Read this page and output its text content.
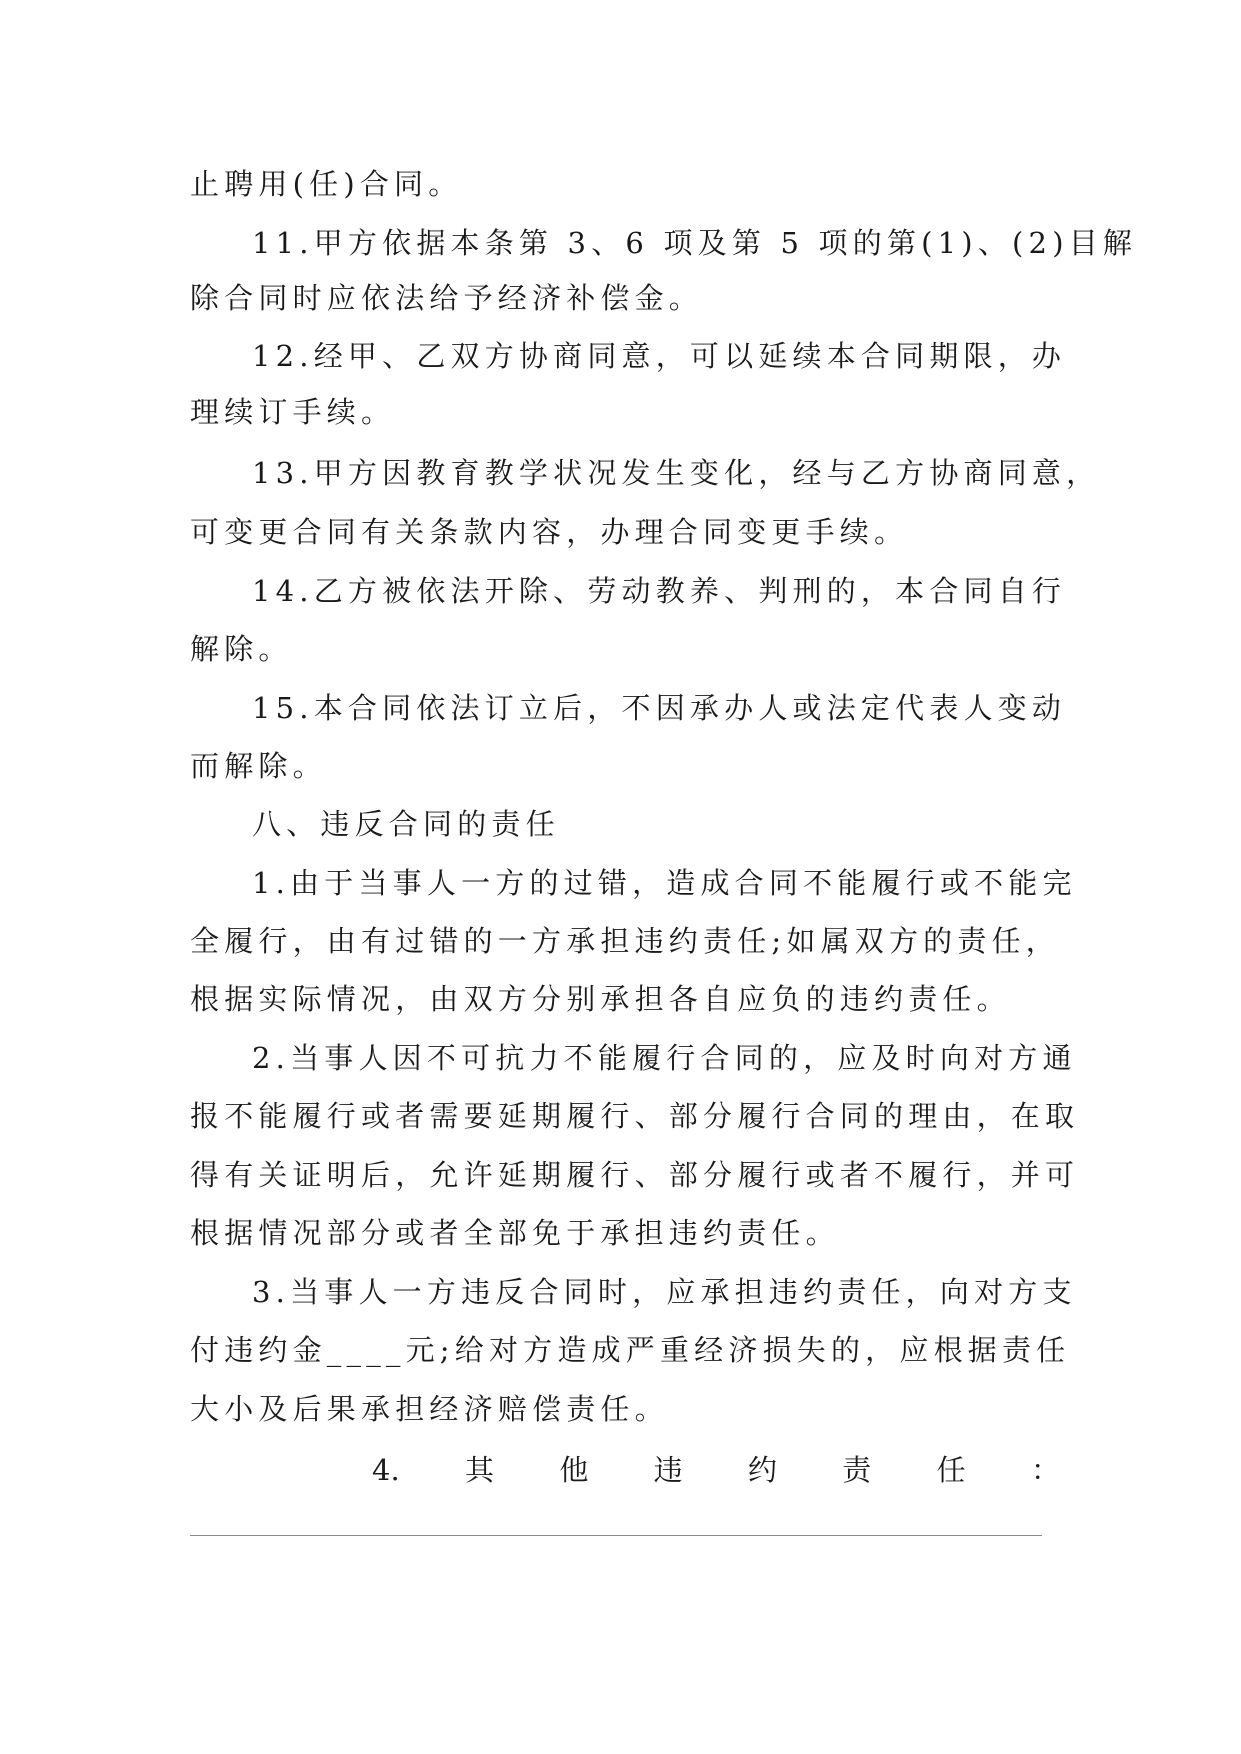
止聘用(任)合同。
11.甲方依据本条第 3、6 项及第 5 项的第(1)、(2)目解
除合同时应依法给予经济补偿金。
12.经甲、乙双方协商同意，可以延续本合同期限，办
理续订手续。
13.甲方因教育教学状况发生变化，经与乙方协商同意，
可变更合同有关条款内容，办理合同变更手续。
14.乙方被依法开除、劳动教养、判刑的，本合同自行
解除。
15.本合同依法订立后，不因承办人或法定代表人变动
而解除。
八、违反合同的责任
1.由于当事人一方的过错，造成合同不能履行或不能完
全履行，由有过错的一方承担违约责任;如属双方的责任，
根据实际情况，由双方分别承担各自应负的违约责任。
2.当事人因不可抗力不能履行合同的，应及时向对方通
报不能履行或者需要延期履行、部分履行合同的理由，在取
得有关证明后，允许延期履行、部分履行或者不履行，并可
根据情况部分或者全部免于承担违约责任。
3.当事人一方违反合同时，应承担违约责任，向对方支
付违约金____元;给对方造成严重经济损失的，应根据责任
大小及后果承担经济赔偿责任。
4. 其 他 违 约 责 任 ：
